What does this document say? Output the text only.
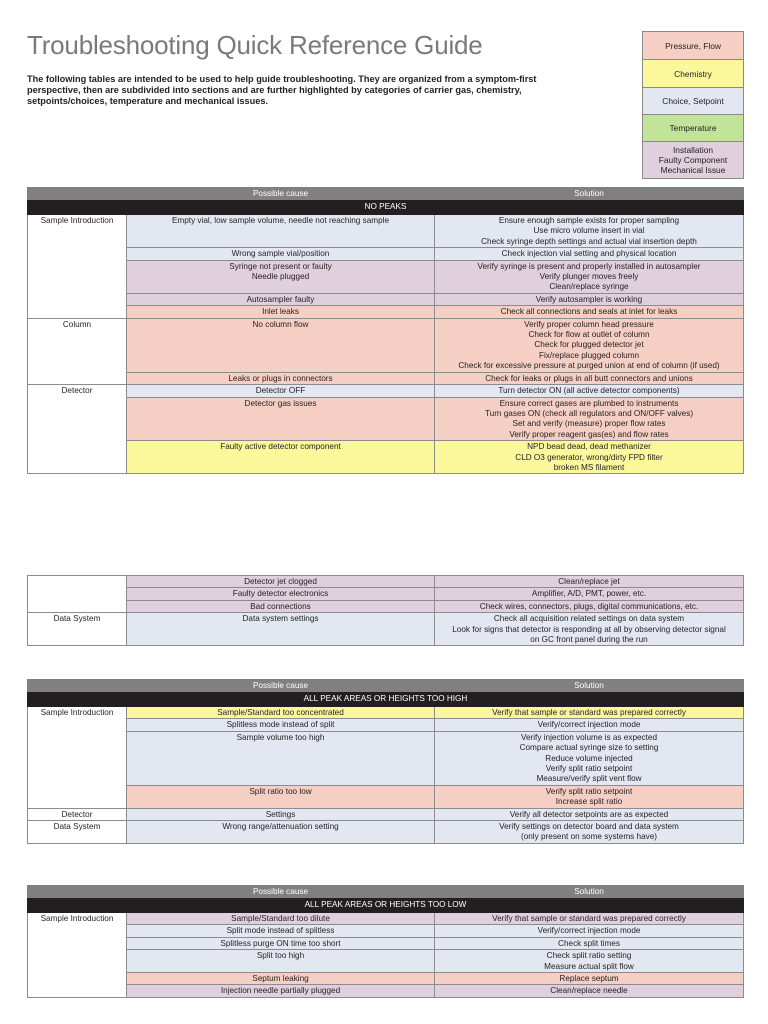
Troubleshooting Quick Reference Guide

The following tables are intended to be used to help guide troubleshooting. They are organized from a symptom-first perspective, then are subdivided into sections and are further highlighted by categories of carrier gas, chemistry, setpoints/choices, temperature and mechanical issues.

Pressure, Flow
Chemistry
Choice, Setpoint
Temperature
Installation
Faulty Component
Mechanical Issue
	Possible cause	Solution
NO PEAKS		
Sample Introduction	Empty vial, low sample volume, needle not reaching sample	Ensure enough sample exists for proper sampling
Use micro volume insert in vial
Check syringe depth settings and actual vial insertion depth
	Wrong sample vial/position	Check injection vial setting and physical location
	Syringe not present or faulty
Needle plugged	Verify syringe is present and properly installed in autosampler
Verify plunger moves freely
Clean/replace syringe
	Autosampler faulty	Verify autosampler is working
	Inlet leaks	Check all connections and seals at inlet for leaks
Column	No column flow	Verify proper column head pressure
Check for flow at outlet of column
Check for plugged detector jet
Fix/replace plugged column
Check for excessive pressure at purged union at end of column (if used)
	Leaks or plugs in connectors	Check for leaks or plugs in all butt connectors and unions
Detector	Detector OFF	Turn detector ON (all active detector components)
	Detector gas issues	Ensure correct gases are plumbed to instruments
Turn gases ON (check all regulators and ON/OFF valves)
Set and verify (measure) proper flow rates
Verify proper reagent gas(es) and flow rates
	Faulty active detector component	NPD bead dead, dead methanizer
CLD O3 generator, wrong/dirty FPD filter
broken MS filament
	Detector jet clogged	Clean/replace jet
	Faulty detector electronics	Amplifier, A/D, PMT, power, etc.
	Bad connections	Check wires, connectors, plugs, digital communications, etc.
Data System	Data system settings	Check all acquisition related settings on data system
Look for signs that detector is responding at all by observing detector signal
on GC front panel during the run
	Possible cause	Solution
ALL PEAK AREAS OR HEIGHTS TOO HIGH		
Sample Introduction	Sample/Standard too concentrated	Verify that sample or standard was prepared correctly
	Splitless mode instead of split	Verify/correct injection mode
	Sample volume too high	Verify injection volume is as expected
Compare actual syringe size to setting
Reduce volume injected
Verify split ratio setpoint
Measure/verify split vent flow
	Split ratio too low	Verify split ratio setpoint
Increase split ratio
Detector	Settings	Verify all detector setpoints are as expected
Data System	Wrong range/attenuation setting	Verify settings on detector board and data system
(only present on some systems have)
	Possible cause	Solution
ALL PEAK AREAS OR HEIGHTS TOO LOW		
Sample Introduction	Sample/Standard too dilute	Verify that sample or standard was prepared correctly
	Split mode instead of splitless	Verify/correct injection mode
	Splitless purge ON time too short	Check split times
	Split too high	Check split ratio setting
Measure actual split flow
	Septum leaking	Replace septum
	Injection needle partially plugged	Clean/replace needle
